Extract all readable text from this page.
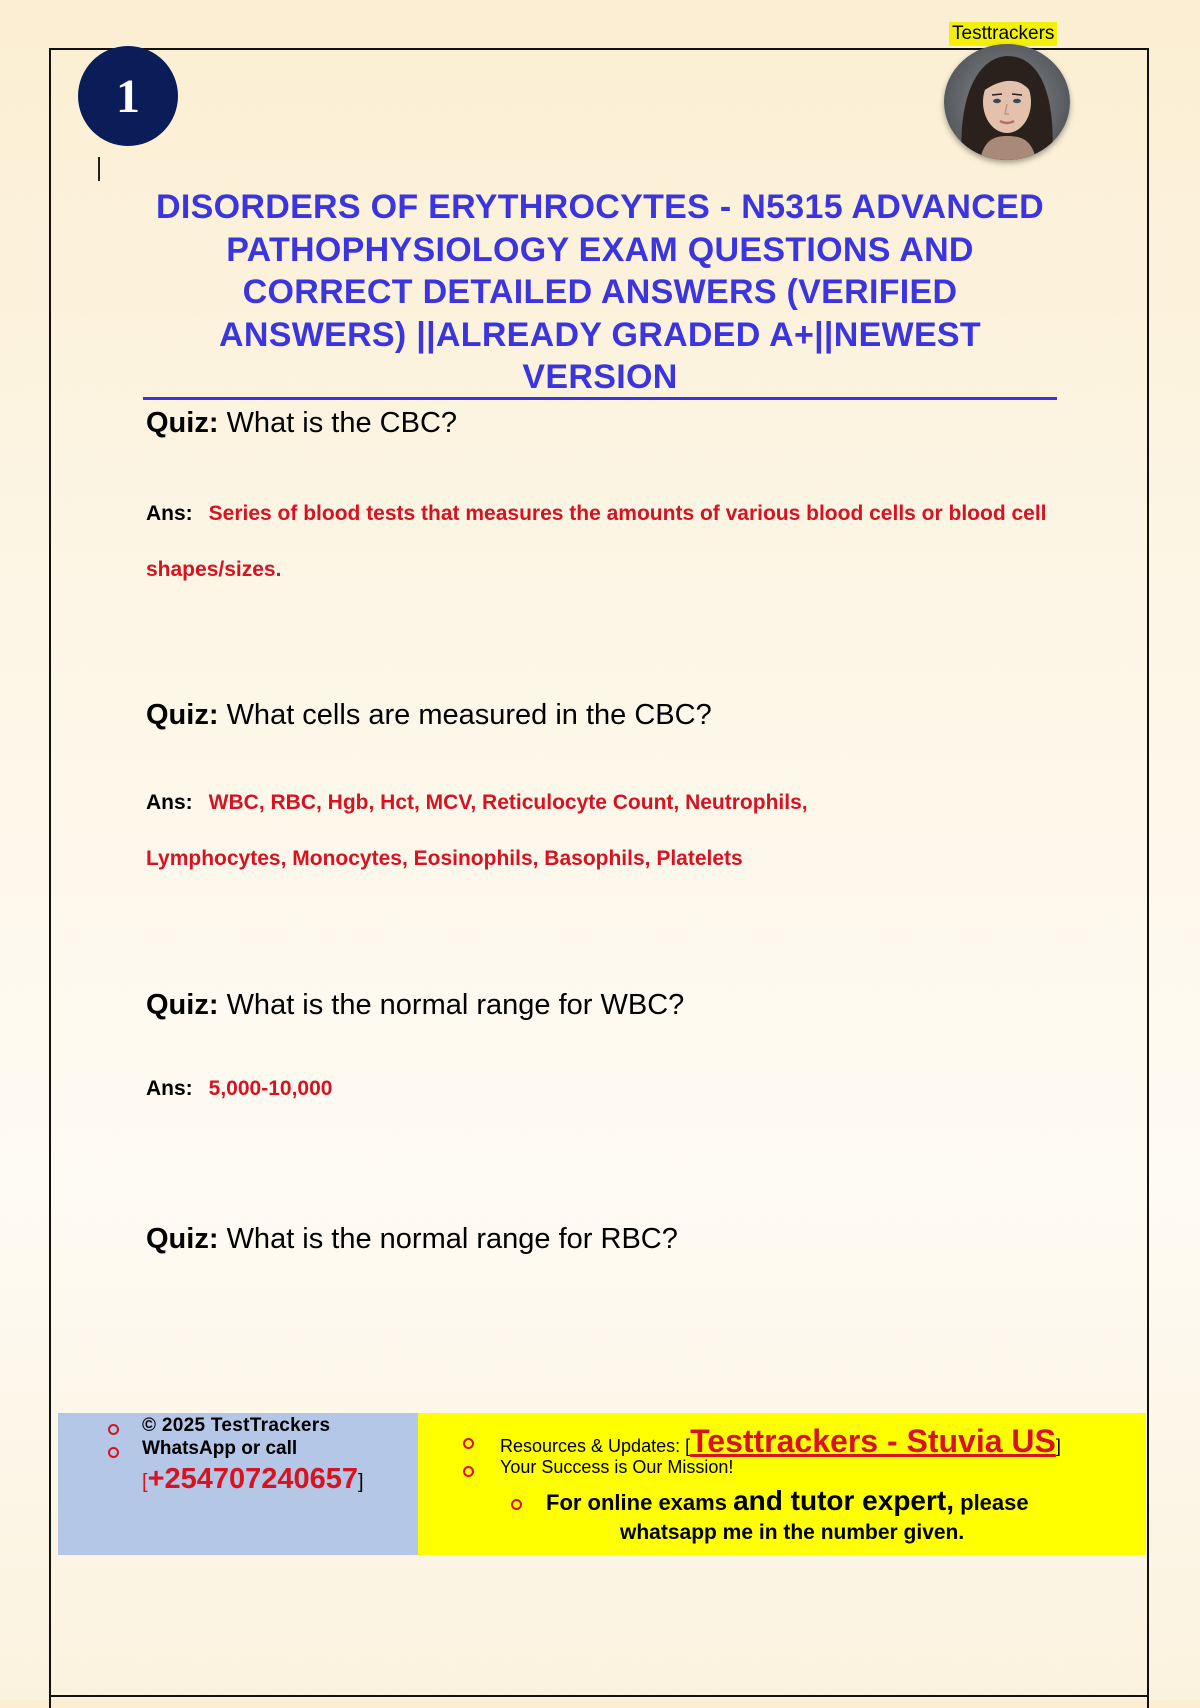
1
Testtrackers
DISORDERS OF ERYTHROCYTES - N5315 ADVANCED PATHOPHYSIOLOGY EXAM QUESTIONS AND CORRECT DETAILED ANSWERS (VERIFIED ANSWERS) ||ALREADY GRADED A+||NEWEST VERSION

Quiz: What is the CBC?

Ans: Series of blood tests that measures the amounts of various blood cells or blood cell shapes/sizes.

Quiz: What cells are measured in the CBC?

Ans: WBC, RBC, Hgb, Hct, MCV, Reticulocyte Count, Neutrophils, Lymphocytes, Monocytes, Eosinophils, Basophils, Platelets

Quiz: What is the normal range for WBC?

Ans: 5,000-10,000

Quiz: What is the normal range for RBC?

© 2025 TestTrackers
WhatsApp or call
[+254707240657]
Resources & Updates: [Testtrackers - Stuvia US]
Your Success is Our Mission!
For online exams and tutor expert, please
whatsapp me in the number given.
